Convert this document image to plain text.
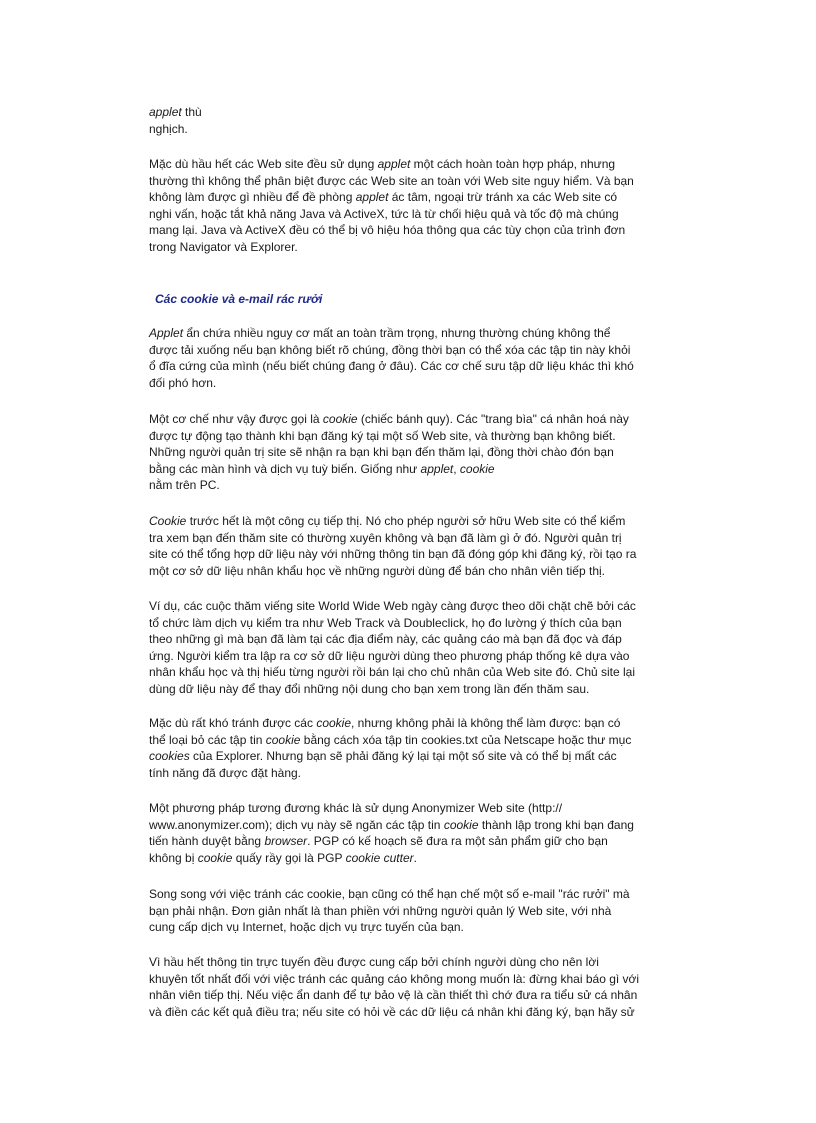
applet thù
nghịch.
Mặc dù hầu hết các Web site đều sử dụng applet một cách hoàn toàn hợp pháp, nhưng
thường thì không thể phân biệt được các Web site an toàn với Web site nguy hiểm. Và bạn
không làm được gì nhiều để đề phòng applet ác tâm, ngoại trừ tránh xa các Web site có
nghi vấn, hoặc tắt khả năng Java và ActiveX, tức là từ chối hiệu quả và tốc độ mà chúng
mang lại. Java và ActiveX đều có thể bị vô hiệu hóa thông qua các tùy chọn của trình đơn
trong Navigator và Explorer.
Các cookie và e-mail rác rưởi
Applet ẩn chứa nhiều nguy cơ mất an toàn trầm trọng, nhưng thường chúng không thể
được tải xuống nếu bạn không biết rõ chúng, đồng thời bạn có thể xóa các tập tin này khỏi
ổ đĩa cứng của mình (nếu biết chúng đang ở đâu). Các cơ chế sưu tập dữ liệu khác thì khó
đối phó hơn.
Một cơ chế như vậy được gọi là cookie (chiếc bánh quy). Các "trang bìa" cá nhân hoá này
được tự động tạo thành khi bạn đăng ký tại một số Web site, và thường bạn không biết.
Những người quản trị site sẽ nhận ra bạn khi bạn đến thăm lại, đồng thời chào đón bạn
bằng các màn hình và dịch vụ tuỳ biến. Giống như applet, cookie
nằm trên PC.
Cookie trước hết là một công cụ tiếp thị. Nó cho phép người sở hữu Web site có thể kiểm
tra xem bạn đến thăm site có thường xuyên không và bạn đã làm gì ở đó. Người quản trị
site có thể tổng hợp dữ liệu này với những thông tin bạn đã đóng góp khi đăng ký, rồi tạo ra
một cơ sở dữ liệu nhân khẩu học về những người dùng để bán cho nhân viên tiếp thị.
Ví dụ, các cuộc thăm viếng site World Wide Web ngày càng được theo dõi chặt chẽ bởi các
tổ chức làm dịch vụ kiểm tra như Web Track và Doubleclick, họ đo lường ý thích của bạn
theo những gì mà bạn đã làm tại các địa điểm này, các quảng cáo mà bạn đã đọc và đáp
ứng. Người kiểm tra lập ra cơ sở dữ liệu người dùng theo phương pháp thống kê dựa vào
nhân khẩu học và thị hiếu từng người rồi bán lại cho chủ nhân của Web site đó. Chủ site lại
dùng dữ liệu này để thay đổi những nội dung cho bạn xem trong lần đến thăm sau.
Mặc dù rất khó tránh được các cookie, nhưng không phải là không thể làm được: bạn có
thể loại bỏ các tập tin cookie bằng cách xóa tập tin cookies.txt của Netscape hoặc thư mục
cookies của Explorer. Nhưng bạn sẽ phải đăng ký lại tại một số site và có thể bị mất các
tính năng đã được đặt hàng.
Một phương pháp tương đương khác là sử dụng Anonymizer Web site (http://
www.anonymizer.com); dịch vụ này sẽ ngăn các tập tin cookie thành lập trong khi bạn đang
tiến hành duyệt bằng browser. PGP có kế hoạch sẽ đưa ra một sản phẩm giữ cho bạn
không bị cookie quấy rầy gọi là PGP cookie cutter.
Song song với việc tránh các cookie, bạn cũng có thể hạn chế một số e-mail "rác rưởi" mà
bạn phải nhận. Đơn giản nhất là than phiền với những người quản lý Web site, với nhà
cung cấp dịch vụ Internet, hoặc dịch vụ trực tuyến của bạn.
Vì hầu hết thông tin trực tuyến đều được cung cấp bởi chính người dùng cho nên lời
khuyên tốt nhất đối với việc tránh các quảng cáo không mong muốn là: đừng khai báo gì với
nhân viên tiếp thị. Nếu việc ẩn danh để tự bảo vệ là cần thiết thì chớ đưa ra tiểu sử cá nhân
và điền các kết quả điều tra; nếu site có hỏi về các dữ liệu cá nhân khi đăng ký, bạn hãy sử
